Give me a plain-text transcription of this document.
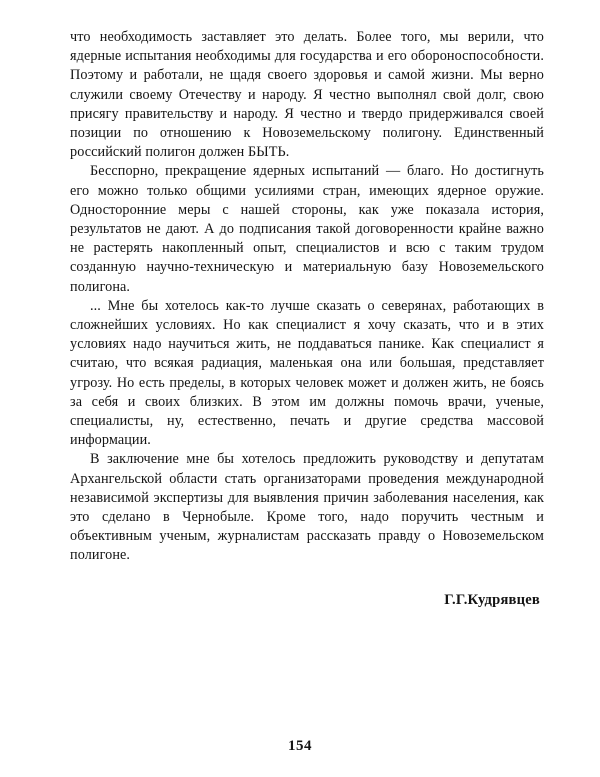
что необходимость заставляет это делать. Более того, мы верили, что ядерные испытания необходимы для государства и его обороноспособности. Поэтому и работали, не щадя своего здоровья и самой жизни. Мы верно служили своему Отечеству и народу. Я честно выполнял свой долг, свою присягу правительству и народу. Я честно и твердо придерживался своей позиции по отношению к Новоземельскому полигону. Единственный российский полигон должен БЫТЬ.

Бесспорно, прекращение ядерных испытаний — благо. Но достигнуть его можно только общими усилиями стран, имеющих ядерное оружие. Односторонние меры с нашей стороны, как уже показала история, результатов не дают. А до подписания такой договоренности крайне важно не растерять накопленный опыт, специалистов и всю с таким трудом созданную научно-техническую и материальную базу Новоземельского полигона.

... Мне бы хотелось как-то лучше сказать о северянах, работающих в сложнейших условиях. Но как специалист я хочу сказать, что и в этих условиях надо научиться жить, не поддаваться панике. Как специалист я считаю, что всякая радиация, маленькая она или большая, представляет угрозу. Но есть пределы, в которых человек может и должен жить, не боясь за себя и своих близких. В этом им должны помочь врачи, ученые, специалисты, ну, естественно, печать и другие средства массовой информации.

В заключение мне бы хотелось предложить руководству и депутатам Архангельской области стать организаторами проведения международной независимой экспертизы для выявления причин заболевания населения, как это сделано в Чернобыле. Кроме того, надо поручить честным и объективным ученым, журналистам рассказать правду о Новоземельском полигоне.

Г.Г.Кудрявцев
154
